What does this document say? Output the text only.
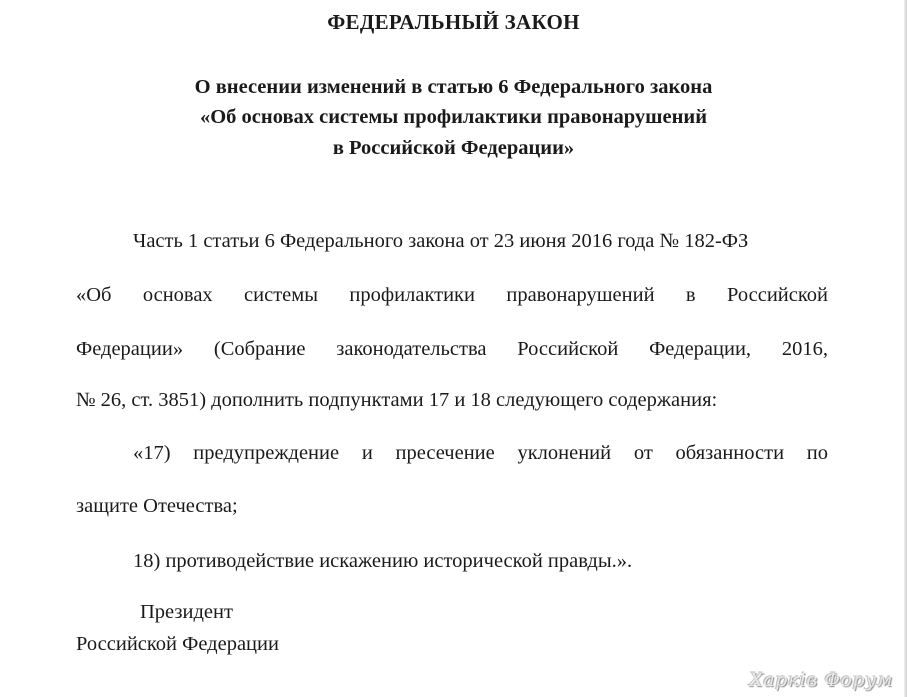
ФЕДЕРАЛЬНЫЙ ЗАКОН
О внесении изменений в статью 6 Федерального закона
«Об основах системы профилактики правонарушений
в Российской Федерации»
Часть 1 статьи 6 Федерального закона от 23 июня 2016 года № 182-ФЗ
«Об основах системы профилактики правонарушений в Российской
Федерации» (Собрание законодательства Российской Федерации, 2016,
№ 26, ст. 3851) дополнить подпунктами 17 и 18 следующего содержания:
«17) предупреждение и пресечение уклонений от обязанности по
защите Отечества;
18) противодействие искажению исторической правды.».
Президент
Российской Федерации
Харків Форум
